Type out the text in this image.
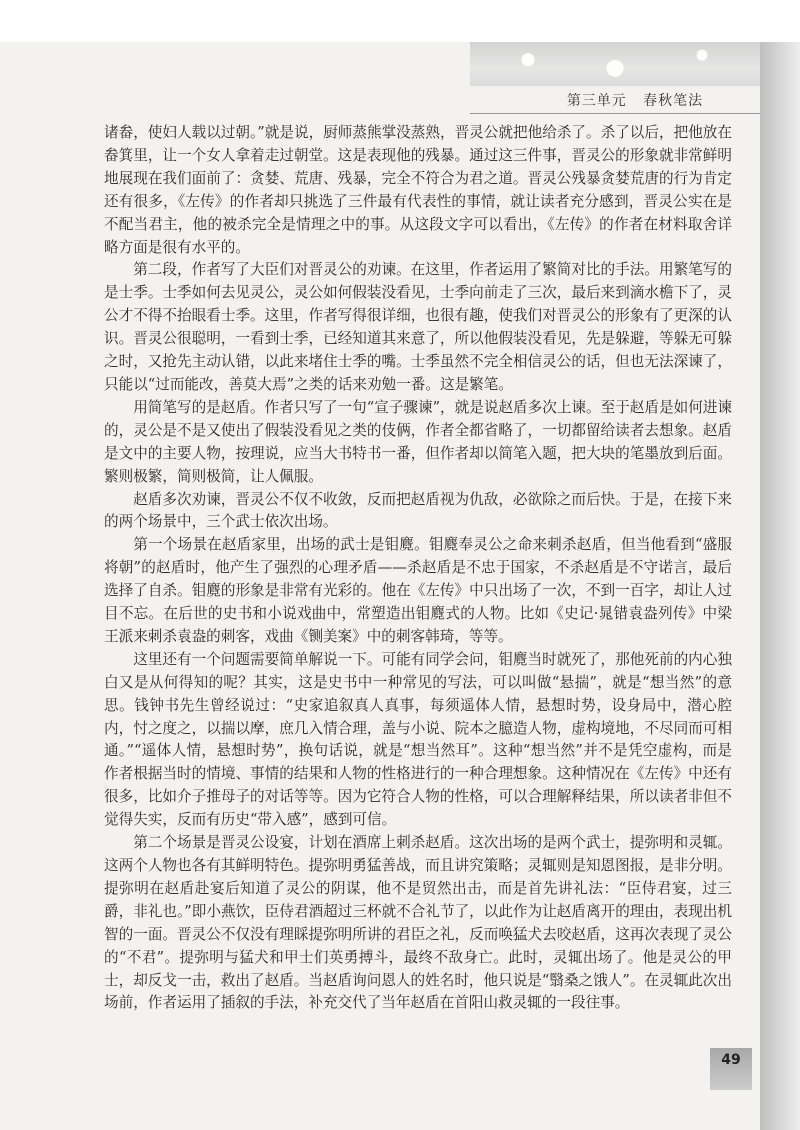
第三单元 春秋笔法

诸畚，使妇人载以过朝。”就是说，厨师蒸熊掌没蒸熟，晋灵公就把他给杀了。杀了以后，把他放在畚箕里，让一个女人拿着走过朝堂。这是表现他的残暴。通过这三件事，晋灵公的形象就非常鲜明地展现在我们面前了：贪婪、荒唐、残暴，完全不符合为君之道。晋灵公残暴贪婪荒唐的行为肯定还有很多，《左传》的作者却只挑选了三件最有代表性的事情，就让读者充分感到，晋灵公实在是不配当君主，他的被杀完全是情理之中的事。从这段文字可以看出，《左传》的作者在材料取舍详略方面是很有水平的。

第二段，作者写了大臣们对晋灵公的劝谏。在这里，作者运用了繁简对比的手法。用繁笔写的是士季。士季如何去见灵公，灵公如何假装没看见，士季向前走了三次，最后来到滴水檐下了，灵公才不得不抬眼看士季。这里，作者写得很详细，也很有趣，使我们对晋灵公的形象有了更深的认识。晋灵公很聪明，一看到士季，已经知道其来意了，所以他假装没看见，先是躲避，等躲无可躲之时，又抢先主动认错，以此来堵住士季的嘴。士季虽然不完全相信灵公的话，但也无法深谏了，只能以“过而能改，善莫大焉”之类的话来劝勉一番。这是繁笔。

用简笔写的是赵盾。作者只写了一句“宣子骤谏”，就是说赵盾多次上谏。至于赵盾是如何进谏的，灵公是不是又使出了假装没看见之类的伎俩，作者全都省略了，一切都留给读者去想象。赵盾是文中的主要人物，按理说，应当大书特书一番，但作者却以简笔入题，把大块的笔墨放到后面。繁则极繁，简则极简，让人佩服。

赵盾多次劝谏，晋灵公不仅不收敛，反而把赵盾视为仇敌，必欲除之而后快。于是，在接下来的两个场景中，三个武士依次出场。

第一个场景在赵盾家里，出场的武士是钼麑。钼麑奉灵公之命来刺杀赵盾，但当他看到“盛服将朝”的赵盾时，他产生了强烈的心理矛盾——杀赵盾是不忠于国家，不杀赵盾是不守诺言，最后选择了自杀。钼麑的形象是非常有光彩的。他在《左传》中只出场了一次，不到一百字，却让人过目不忘。在后世的史书和小说戏曲中，常塑造出钼麑式的人物。比如《史记·晁错袁盎列传》中梁王派来刺杀袁盎的刺客，戏曲《铡美案》中的刺客韩琦，等等。

这里还有一个问题需要简单解说一下。可能有同学会问，钼麑当时就死了，那他死前的内心独白又是从何得知的呢？其实，这是史书中一种常见的写法，可以叫做“悬揣”，就是“想当然”的意思。钱钟书先生曾经说过：“史家追叙真人真事，每须遥体人情，悬想时势，设身局中，潜心腔内，忖之度之，以揣以摩，庶几入情合理，盖与小说、院本之臆造人物，虚构境地，不尽同而可相通。”“遥体人情，悬想时势”，换句话说，就是“想当然耳”。这种“想当然”并不是凭空虚构，而是作者根据当时的情境、事情的结果和人物的性格进行的一种合理想象。这种情况在《左传》中还有很多，比如介子推母子的对话等等。因为它符合人物的性格，可以合理解释结果，所以读者非但不觉得失实，反而有历史“带入感”，感到可信。

第二个场景是晋灵公设宴，计划在酒席上刺杀赵盾。这次出场的是两个武士，提弥明和灵辄。这两个人物也各有其鲜明特色。提弥明勇猛善战，而且讲究策略；灵辄则是知恩图报，是非分明。提弥明在赵盾赴宴后知道了灵公的阴谋，他不是贸然出击，而是首先讲礼法：“臣侍君宴，过三爵，非礼也。”即小燕饮，臣侍君酒超过三杯就不合礼节了，以此作为让赵盾离开的理由，表现出机智的一面。晋灵公不仅没有理睬提弥明所讲的君臣之礼，反而唤猛犬去咬赵盾，这再次表现了灵公的“不君”。提弥明与猛犬和甲士们英勇搏斗，最终不敌身亡。此时，灵辄出场了。他是灵公的甲士，却反戈一击，救出了赵盾。当赵盾询问恩人的姓名时，他只说是“翳桑之饿人”。在灵辄此次出场前，作者运用了插叙的手法，补充交代了当年赵盾在首阳山救灵辄的一段往事。

49
